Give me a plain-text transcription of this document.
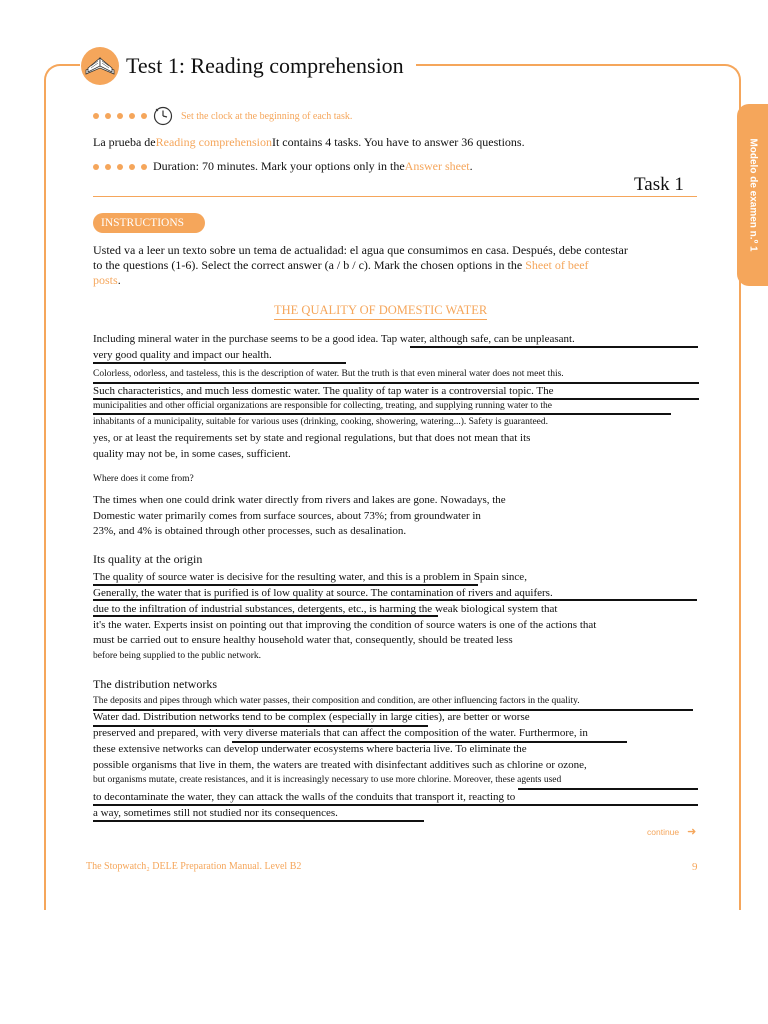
Test 1: Reading comprehension
Modelo de examen n.º 1
Set the clock at the beginning of each task.
La prueba de Reading comprehension It contains 4 tasks. You have to answer 36 questions.
Duration: 70 minutes. Mark your options only in the Answer sheet .
Task 1
INSTRUCTIONS
Usted va a leer un texto sobre un tema de actualidad: el agua que consumimos en casa. Después, debe contestar
to the questions (1-6). Select the correct answer (a / b / c). Mark the chosen options in the Sheet of beef
posts.
THE QUALITY OF DOMESTIC WATER
Including mineral water in the purchase seems to be a good idea. Tap water, although safe, can be unpleasant.
very good quality and impact our health.
Colorless, odorless, and tasteless, this is the description of water. But the truth is that even mineral water does not meet this.
Such characteristics, and much less domestic water. The quality of tap water is a controversial topic. The
municipalities and other official organizations are responsible for collecting, treating, and supplying running water to the
inhabitants of a municipality, suitable for various uses (drinking, cooking, showering, watering...). Safety is guaranteed.
yes, or at least the requirements set by state and regional regulations, but that does not mean that its
quality may not be, in some cases, sufficient.
Where does it come from?
The times when one could drink water directly from rivers and lakes are gone. Nowadays, the
Domestic water primarily comes from surface sources, about 73%; from groundwater in
23%, and 4% is obtained through other processes, such as desalination.
Its quality at the origin
The quality of source water is decisive for the resulting water, and this is a problem in Spain since,
Generally, the water that is purified is of low quality at source. The contamination of rivers and aquifers.
due to the infiltration of industrial substances, detergents, etc., is harming the weak biological system that
it's the water. Experts insist on pointing out that improving the condition of source waters is one of the actions that
must be carried out to ensure healthy household water that, consequently, should be treated less
before being supplied to the public network.
The distribution networks
The deposits and pipes through which water passes, their composition and condition, are other influencing factors in the quality.
Water dad. Distribution networks tend to be complex (especially in large cities), are better or worse
preserved and prepared, with very diverse materials that can affect the composition of the water. Furthermore, in
these extensive networks can develop underwater ecosystems where bacteria live. To eliminate the
possible organisms that live in them, the waters are treated with disinfectant additives such as chlorine or ozone,
but organisms mutate, create resistances, and it is increasingly necessary to use more chlorine. Moreover, these agents used
to decontaminate the water, they can attack the walls of the conduits that transport it, reacting to
a way, sometimes still not studied nor its consequences.
continue ➜
The Stopwatch₂ DELE Preparation Manual. Level B2	9
